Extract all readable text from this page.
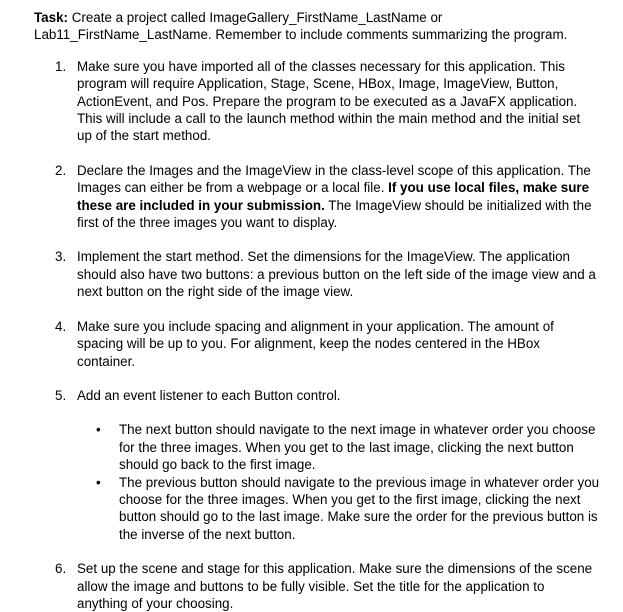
Task: Create a project called ImageGallery_FirstName_LastName or Lab11_FirstName_LastName. Remember to include comments summarizing the program.

1. Make sure you have imported all of the classes necessary for this application. This program will require Application, Stage, Scene, HBox, Image, ImageView, Button, ActionEvent, and Pos. Prepare the program to be executed as a JavaFX application. This will include a call to the launch method within the main method and the initial set up of the start method.
2. Declare the Images and the ImageView in the class-level scope of this application. The Images can either be from a webpage or a local file. If you use local files, make sure these are included in your submission. The ImageView should be initialized with the first of the three images you want to display.
3. Implement the start method. Set the dimensions for the ImageView. The application should also have two buttons: a previous button on the left side of the image view and a next button on the right side of the image view.
4. Make sure you include spacing and alignment in your application. The amount of spacing will be up to you. For alignment, keep the nodes centered in the HBox container.
5. Add an event listener to each Button control.
• The next button should navigate to the next image in whatever order you choose for the three images. When you get to the last image, clicking the next button should go back to the first image.
• The previous button should navigate to the previous image in whatever order you choose for the three images. When you get to the first image, clicking the next button should go to the last image. Make sure the order for the previous button is the inverse of the next button.
6. Set up the scene and stage for this application. Make sure the dimensions of the scene allow the image and buttons to be fully visible. Set the title for the application to anything of your choosing.
